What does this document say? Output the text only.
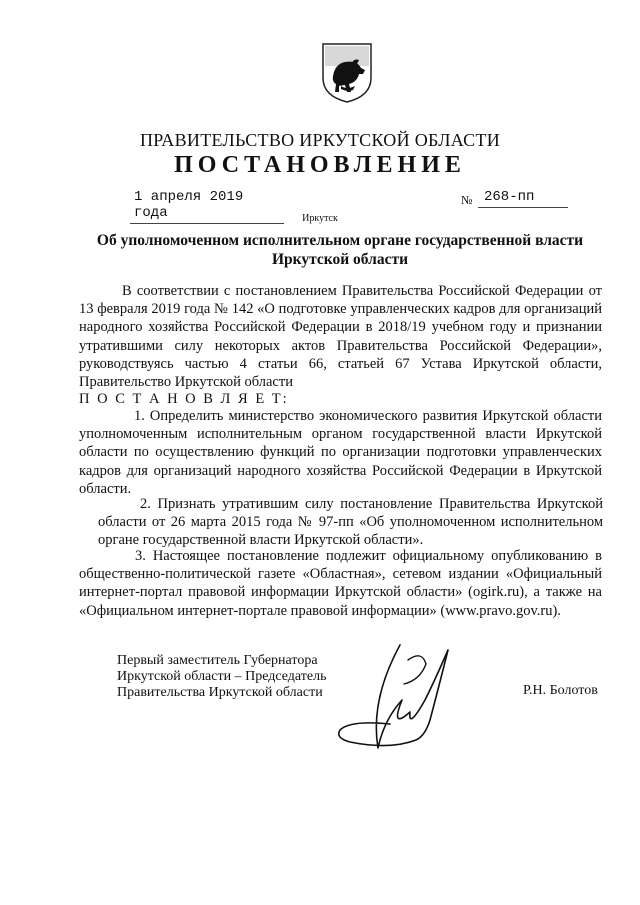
ПРАВИТЕЛЬСТВО ИРКУТСКОЙ ОБЛАСТИ
ПОСТАНОВЛЕНИЕ
1 апреля 2019 года
№ 268-пп
Иркутск
Об уполномоченном исполнительном органе государственной власти Иркутской области
В соответствии с постановлением Правительства Российской Федерации от 13 февраля 2019 года № 142 «О подготовке управленческих кадров для организаций народного хозяйства Российской Федерации в 2018/19 учебном году и признании утратившими силу некоторых актов Правительства Российской Федерации», руководствуясь частью 4 статьи 66, статьей 67 Устава Иркутской области, Правительство Иркутской области
П О С Т А Н О В Л Я Е Т:
1. Определить министерство экономического развития Иркутской области уполномоченным исполнительным органом государственной власти Иркутской области по осуществлению функций по организации подготовки управленческих кадров для организаций народного хозяйства Российской Федерации в Иркутской области.
2. Признать утратившим силу постановление Правительства Иркутской области от 26 марта 2015 года № 97-пп «Об уполномоченном исполнительном органе государственной власти Иркутской области».
3. Настоящее постановление подлежит официальному опубликованию в общественно-политической газете «Областная», сетевом издании «Официальный интернет-портал правовой информации Иркутской области» (ogirk.ru), а также на «Официальном интернет-портале правовой информации» (www.pravo.gov.ru).
Первый заместитель Губернатора
Иркутской области – Председатель
Правительства Иркутской области	Р.Н. Болотов
